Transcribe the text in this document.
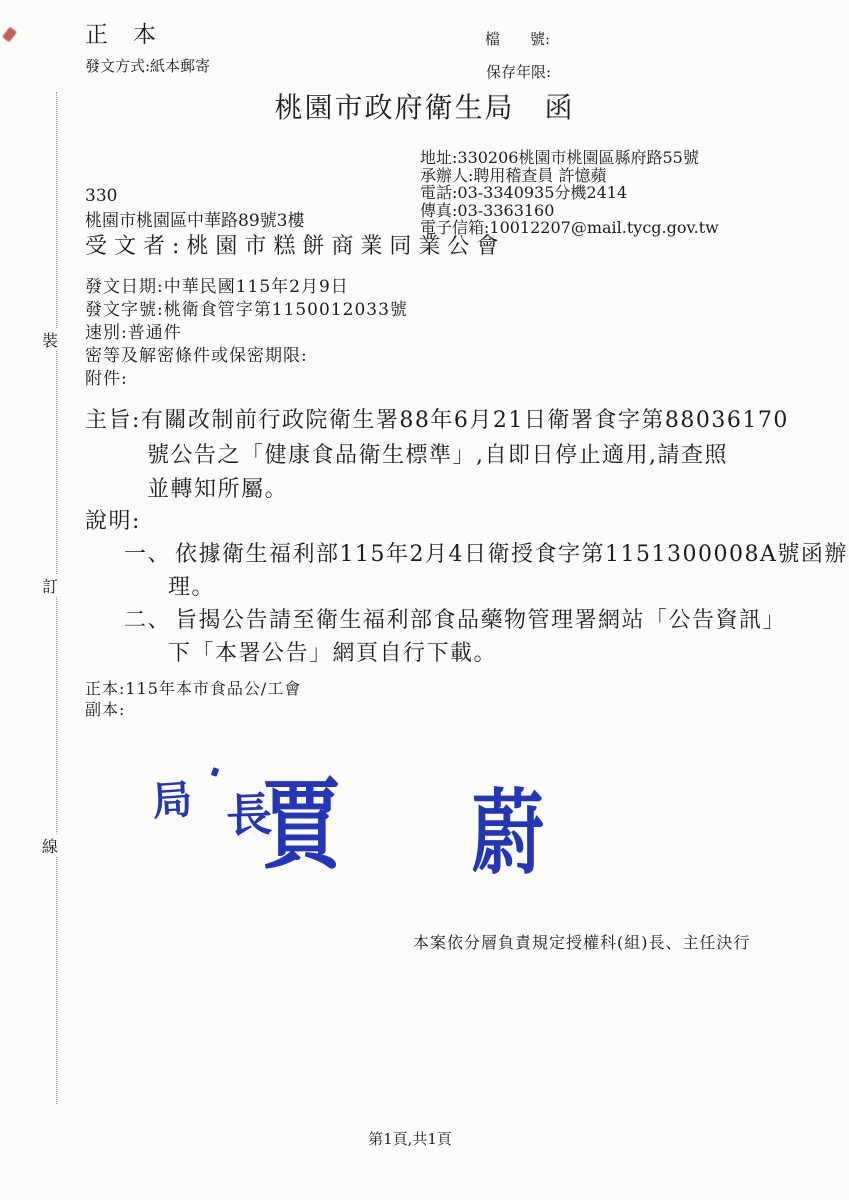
裝
訂
線
正　本	檔　　號:
發文方式:紙本郵寄	保存年限:
桃園市政府衛生局　函
地址:330206桃園市桃園區縣府路55號
承辦人:聘用稽查員 許憶蘋
電話:03-3340935分機2414
傳真:03-3363160
電子信箱:10012207@mail.tycg.gov.tw
330
桃園市桃園區中華路89號3樓
受文者:桃園市糕餅商業同業公會
發文日期:中華民國115年2月9日
發文字號:桃衛食管字第1150012033號
速別:普通件
密等及解密條件或保密期限:
附件:
主旨:有關改制前行政院衛生署88年6月21日衛署食字第88036170
號公告之「健康食品衛生標準」,自即日停止適用,請查照
並轉知所屬。
說明:
一、 依據衛生福利部115年2月4日衛授食字第1151300008A號函辦
理。
二、 旨揭公告請至衛生福利部食品藥物管理署網站「公告資訊」
下「本署公告」網頁自行下載。
正本:115年本市食品公/工會
副本:
局 長
賈 蔚
本案依分層負責規定授權科(組)長、主任決行
第1頁,共1頁
